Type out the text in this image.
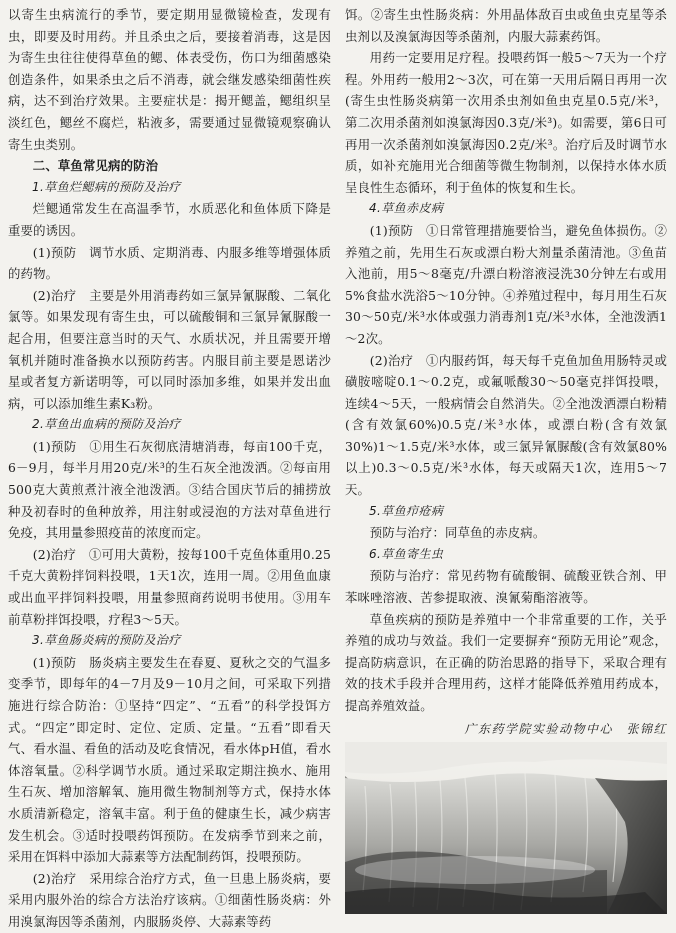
以寄生虫病流行的季节，要定期用显微镜检查，发现有虫，即要及时用药。并且杀虫之后，要接着消毒，这是因为寄生虫往往使得草鱼的鳃、体表受伤，伤口为细菌感染创造条件，如果杀虫之后不消毒，就会继发感染细菌性疾病，达不到治疗效果。主要症状是：揭开鳃盖，鳃组织呈淡红色，鳃丝不腐烂，粘液多，需要通过显微镜观察确认寄生虫类别。

二、草鱼常见病的防治

1.草鱼烂鳃病的预防及治疗

烂鳃通常发生在高温季节，水质恶化和鱼体质下降是重要的诱因。

(1)预防　调节水质、定期消毒、内服多维等增强体质的药物。

(2)治疗　主要是外用消毒药如三氯异氰脲酸、二氧化氯等。如果发现有寄生虫，可以硫酸铜和三氯异氰脲酸一起合用，但要注意当时的天气、水质状况，并且需要开增氧机并随时准备换水以预防药害。内服目前主要是恩诺沙星或者复方新诺明等，可以同时添加多维，如果并发出血病，可以添加维生素K₃粉。

2.草鱼出血病的预防及治疗

(1)预防　①用生石灰彻底清塘消毒，每亩100千克，6－9月，每半月用20克/米³的生石灰全池泼洒。②每亩用500克大黄煎煮汁液全池泼洒。③结合国庆节后的捕捞放种及初春时的鱼种放养，用注射或浸泡的方法对草鱼进行免疫，其用量参照疫苗的浓度而定。

(2)治疗　①可用大黄粉，按每100千克鱼体重用0.25千克大黄粉拌饲料投喂，1天1次，连用一周。②用鱼血康或出血平拌饲料投喂，用量参照商药说明书使用。③用车前草粉拌饵投喂，疗程3～5天。

3.草鱼肠炎病的预防及治疗

(1)预防　肠炎病主要发生在春夏、夏秋之交的气温多变季节，即每年的4－7月及9－10月之间，可采取下列措施进行综合防治：①坚持“四定”、“五看”的科学投饵方式。“四定”即定时、定位、定质、定量。“五看”即看天气、看水温、看鱼的活动及吃食情况，看水体pH值，看水体溶氧量。②科学调节水质。通过采取定期注换水、施用生石灰、增加溶解氧、施用微生物制剂等方式，保持水体水质清新稳定，溶氧丰富。利于鱼的健康生长，减少病害发生机会。③适时投喂药饵预防。在发病季节到来之前，采用在饵料中添加大蒜素等方法配制药饵，投喂预防。

(2)治疗　采用综合治疗方式，鱼一旦患上肠炎病，要采用内服外治的综合方法治疗该病。①细菌性肠炎病：外用溴氯海因等杀菌剂，内服肠炎停、大蒜素等药

饵。②寄生虫性肠炎病：外用晶体敌百虫或鱼虫克星等杀虫剂以及溴氯海因等杀菌剂，内服大蒜素药饵。

用药一定要用足疗程。投喂药饵一般5～7天为一个疗程。外用药一般用2～3次，可在第一天用后隔日再用一次(寄生虫性肠炎病第一次用杀虫剂如鱼虫克星0.5克/米³，第二次用杀菌剂如溴氯海因0.3克/米³)。如需要，第6日可再用一次杀菌剂如溴氯海因0.2克/米³。治疗后及时调节水质，如补充施用光合细菌等微生物制剂，以保持水体水质呈良性生态循环，利于鱼体的恢复和生长。

4.草鱼赤皮病

(1)预防　①日常管理措施要恰当，避免鱼体损伤。②养殖之前，先用生石灰或漂白粉大剂量杀菌清池。③鱼苗入池前，用5～8毫克/升漂白粉溶液浸洗30分钟左右或用5%食盐水洗浴5～10分钟。④养殖过程中，每月用生石灰30～50克/米³水体或强力消毒剂1克/米³水体，全池泼洒1～2次。

(2)治疗　①内服药饵，每天每千克鱼加鱼用肠特灵或磺胺嘧啶0.1～0.2克，或氟哌酸30～50毫克拌饵投喂，连续4～5天，一般病情会自然消失。②全池泼洒漂白粉精(含有效氯60%)0.5克/米³水体，或漂白粉(含有效氯30%)1～1.5克/米³水体，或三氯异氰脲酸(含有效氯80%以上)0.3～0.5克/米³水体，每天或隔天1次，连用5～7天。

5.草鱼疖疮病

预防与治疗：同草鱼的赤皮病。

6.草鱼寄生虫

预防与治疗：常见药物有硫酸铜、硫酸亚铁合剂、甲苯咪唑溶液、苦参提取液、溴氰菊酯溶液等。

草鱼疾病的预防是养殖中一个非常重要的工作，关乎养殖的成功与效益。我们一定要摒弃“预防无用论”观念，提高防病意识，在正确的防治思路的指导下，采取合理有效的技术手段并合理用药，这样才能降低养殖用药成本，提高养殖效益。

广东药学院实验动物中心　张锦红
